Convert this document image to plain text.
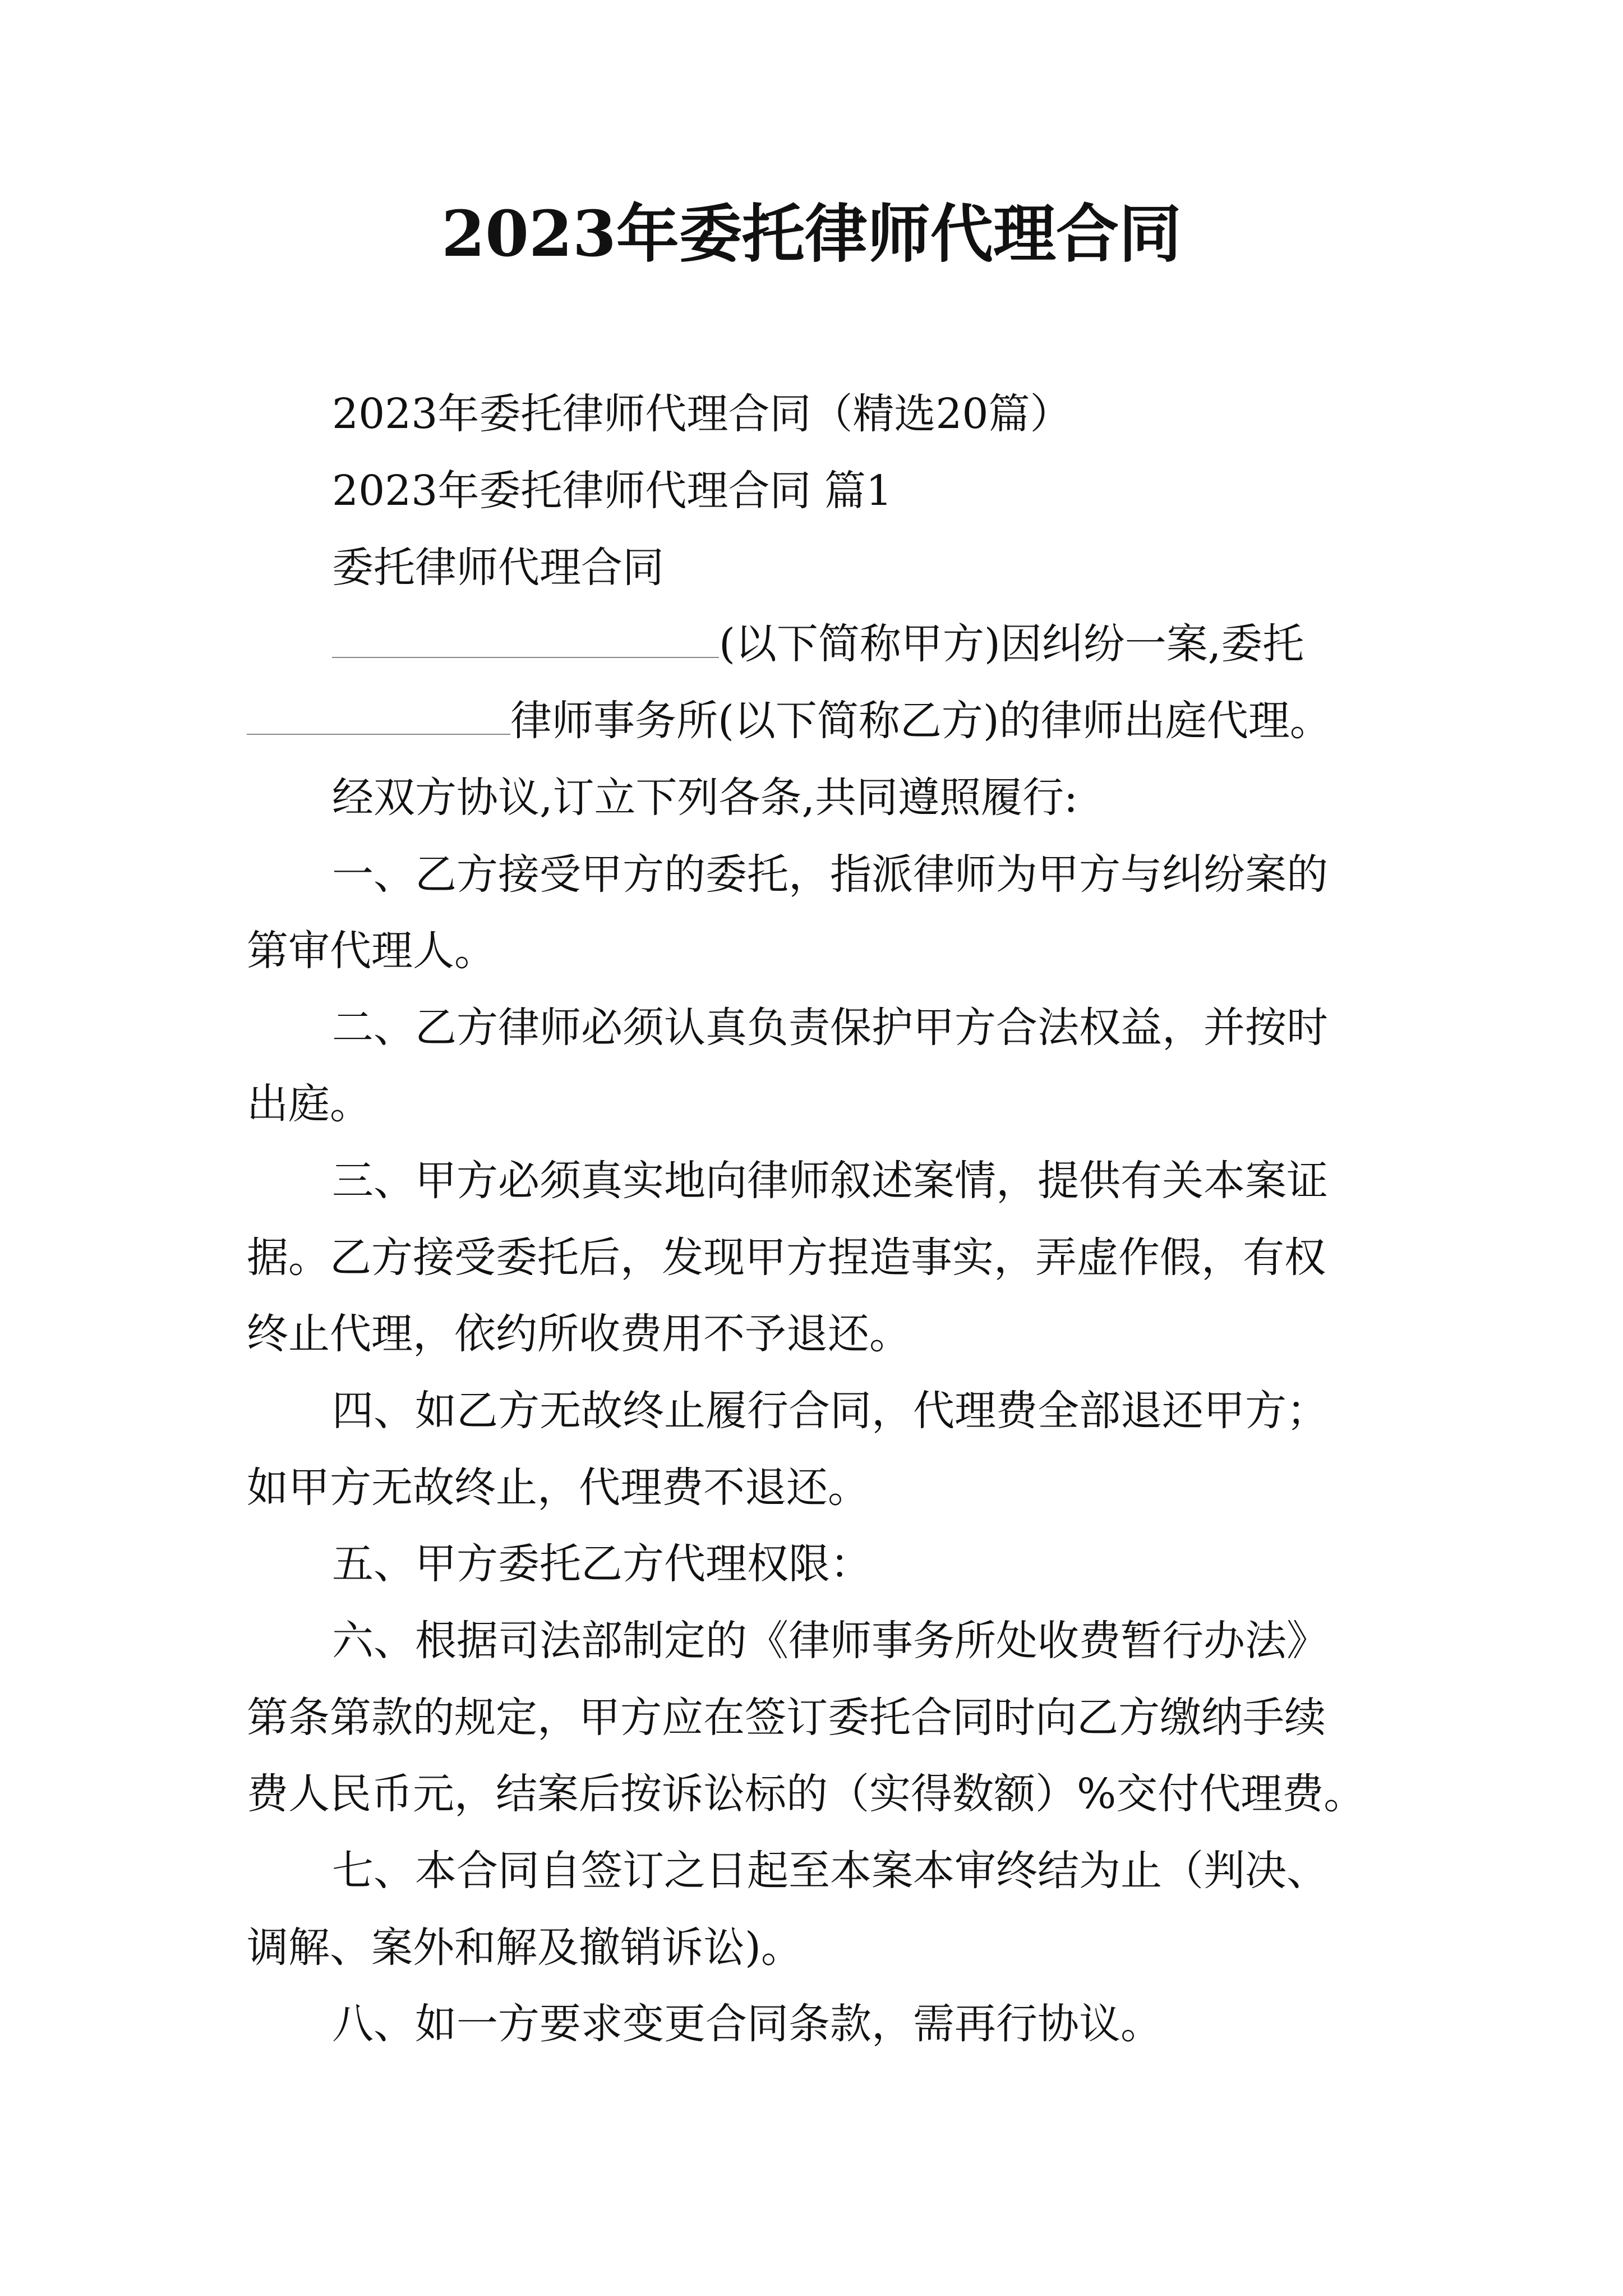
2023年委托律师代理合同
2023年委托律师代理合同（精选20篇）
2023年委托律师代理合同 篇1
委托律师代理合同
(以下简称甲方)因纠纷一案,委托
律师事务所(以下简称乙方)的律师出庭代理。
经双方协议,订立下列各条,共同遵照履行:
一、乙方接受甲方的委托，指派律师为甲方与纠纷案的
第审代理人。
二、乙方律师必须认真负责保护甲方合法权益，并按时
出庭。
三、甲方必须真实地向律师叙述案情，提供有关本案证
据。乙方接受委托后，发现甲方捏造事实，弄虚作假，有权
终止代理，依约所收费用不予退还。
四、如乙方无故终止履行合同，代理费全部退还甲方；
如甲方无故终止，代理费不退还。
五、甲方委托乙方代理权限：
六、根据司法部制定的《律师事务所处收费暂行办法》
第条第款的规定，甲方应在签订委托合同时向乙方缴纳手续
费人民币元，结案后按诉讼标的（实得数额）%交付代理费。
七、本合同自签订之日起至本案本审终结为止（判决、
调解、案外和解及撤销诉讼)。
八、如一方要求变更合同条款，需再行协议。
